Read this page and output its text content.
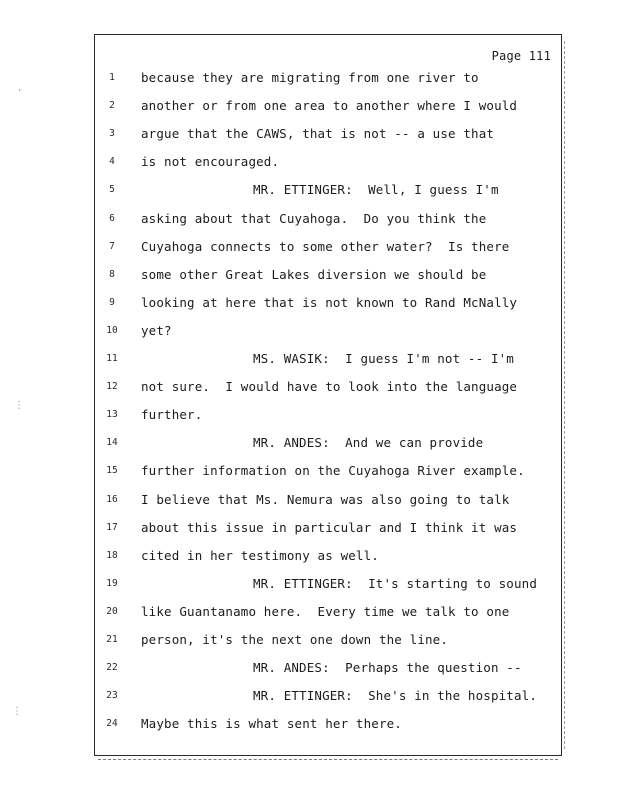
Page 111
1	because they are migrating from one river to
2	another or from one area to another where I would
3	argue that the CAWS, that is not -- a use that
4	is not encouraged.
5	MR. ETTINGER:  Well, I guess I'm
6	asking about that Cuyahoga.  Do you think the
7	Cuyahoga connects to some other water?  Is there
8	some other Great Lakes diversion we should be
9	looking at here that is not known to Rand McNally
10 yet?
11	MS. WASIK:  I guess I'm not -- I'm
12 not sure.  I would have to look into the language
13 further.
14	MR. ANDES:  And we can provide
15 further information on the Cuyahoga River example.
16 I believe that Ms. Nemura was also going to talk
17 about this issue in particular and I think it was
18 cited in her testimony as well.
19	MR. ETTINGER:  It's starting to sound
20 like Guantanamo here.  Every time we talk to one
21 person, it's the next one down the line.
22	MR. ANDES:  Perhaps the question --
23	MR. ETTINGER:  She's in the hospital.
24 Maybe this is what sent her there.
’
⋮
⋮
